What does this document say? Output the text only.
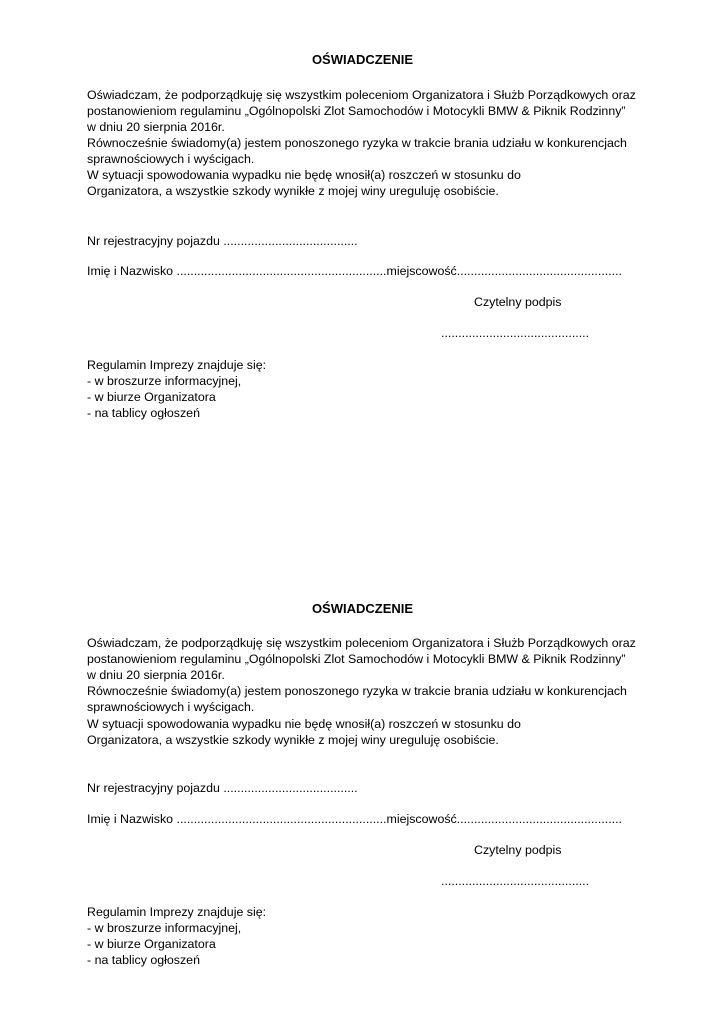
OŚWIADCZENIE
Oświadczam, że podporządkuję się wszystkim poleceniom Organizatora i Służb Porządkowych oraz
postanowieniom regulaminu „Ogólnopolski Zlot Samochodów i Motocykli BMW & Piknik Rodzinny”
w dniu 20 sierpnia 2016r.
Równocześnie świadomy(a) jestem ponoszonego ryzyka w trakcie brania udziału w konkurencjach
sprawnościowych i wyścigach.
W sytuacji spowodowania wypadku nie będę wnosił(a) roszczeń w stosunku do
Organizatora, a wszystkie szkody wynikłe z mojej winy ureguluję osobiście.
Nr rejestracyjny pojazdu .......................................
Imię i Nazwisko .............................................................miejscowość................................................
Czytelny podpis
...........................................
Regulamin Imprezy znajduje się:
- w broszurze informacyjnej,
- w biurze Organizatora
- na tablicy ogłoszeń
OŚWIADCZENIE
Oświadczam, że podporządkuję się wszystkim poleceniom Organizatora i Służb Porządkowych oraz
postanowieniom regulaminu „Ogólnopolski Zlot Samochodów i Motocykli BMW & Piknik Rodzinny”
w dniu 20 sierpnia 2016r.
Równocześnie świadomy(a) jestem ponoszonego ryzyka w trakcie brania udziału w konkurencjach
sprawnościowych i wyścigach.
W sytuacji spowodowania wypadku nie będę wnosił(a) roszczeń w stosunku do
Organizatora, a wszystkie szkody wynikłe z mojej winy ureguluję osobiście.
Nr rejestracyjny pojazdu .......................................
Imię i Nazwisko .............................................................miejscowość................................................
Czytelny podpis
...........................................
Regulamin Imprezy znajduje się:
- w broszurze informacyjnej,
- w biurze Organizatora
- na tablicy ogłoszeń
